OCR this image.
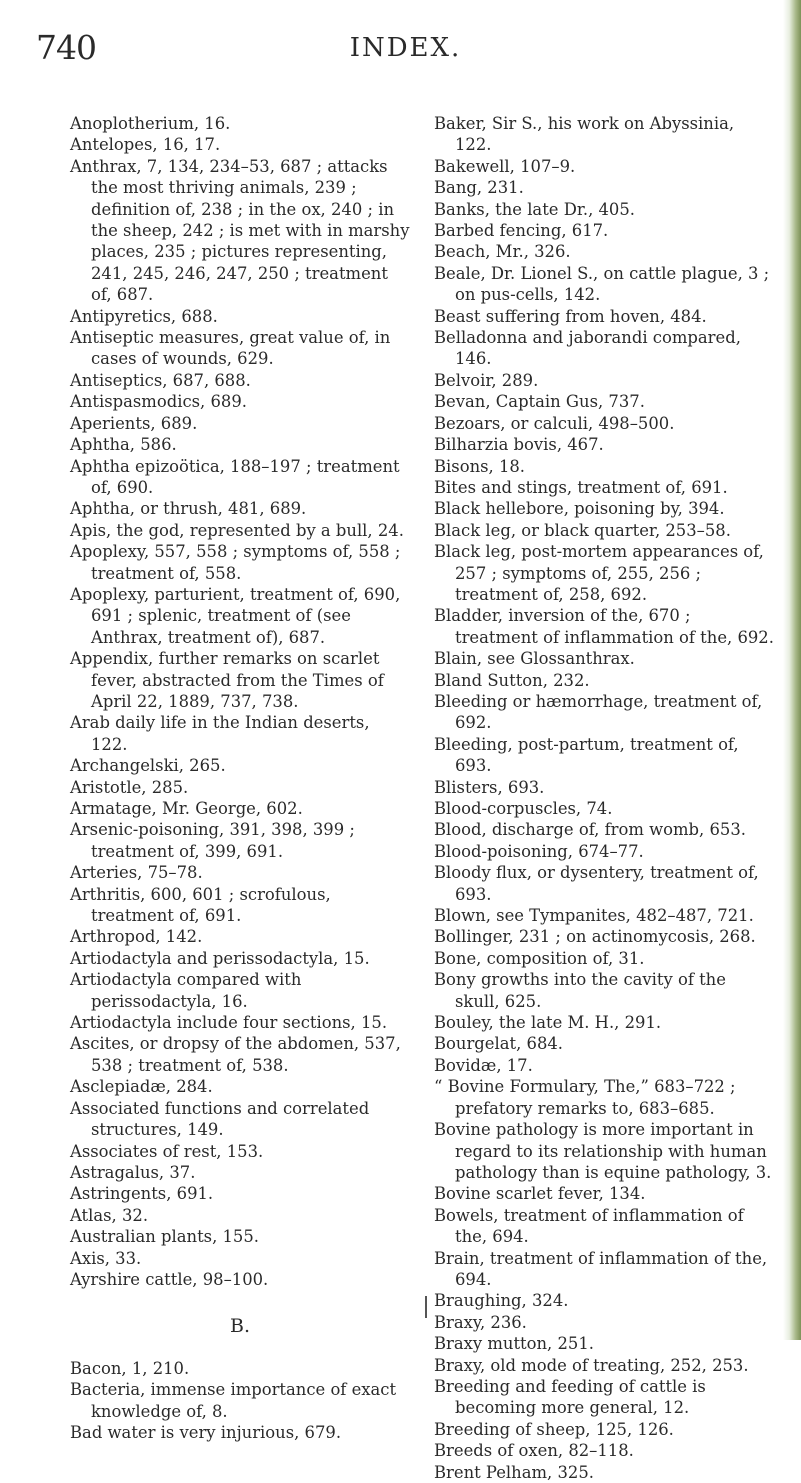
740	INDEX.
Anoplotherium, 16.
Antelopes, 16, 17.
Anthrax, 7, 134, 234–53, 687 ; attacks the most thriving animals, 239 ; definition of, 238 ; in the ox, 240 ; in the sheep, 242 ; is met with in marshy places, 235 ; pictures representing, 241, 245, 246, 247, 250 ; treatment of, 687.
Antipyretics, 688.
Antiseptic measures, great value of, in cases of wounds, 629.
Antiseptics, 687, 688.
Antispasmodics, 689.
Aperients, 689.
Aphtha, 586.
Aphtha epizoötica, 188–197 ; treatment of, 690.
Aphtha, or thrush, 481, 689.
Apis, the god, represented by a bull, 24.
Apoplexy, 557, 558 ; symptoms of, 558 ; treatment of, 558.
Apoplexy, parturient, treatment of, 690, 691 ; splenic, treatment of (see Anthrax, treatment of), 687.
Appendix, further remarks on scarlet fever, abstracted from the Times of April 22, 1889, 737, 738.
Arab daily life in the Indian deserts, 122.
Archangelski, 265.
Aristotle, 285.
Armatage, Mr. George, 602.
Arsenic-poisoning, 391, 398, 399 ; treatment of, 399, 691.
Arteries, 75–78.
Arthritis, 600, 601 ; scrofulous, treatment of, 691.
Arthropod, 142.
Artiodactyla and perissodactyla, 15.
Artiodactyla compared with perissodactyla, 16.
Artiodactyla include four sections, 15.
Ascites, or dropsy of the abdomen, 537, 538 ; treatment of, 538.
Asclepiadæ, 284.
Associated functions and correlated structures, 149.
Associates of rest, 153.
Astragalus, 37.
Astringents, 691.
Atlas, 32.
Australian plants, 155.
Axis, 33.
Ayrshire cattle, 98–100.
B.
Bacon, 1, 210.
Bacteria, immense importance of exact knowledge of, 8.
Bad water is very injurious, 679.
Baker, Sir S., his work on Abyssinia, 122.
Bakewell, 107–9.
Bang, 231.
Banks, the late Dr., 405.
Barbed fencing, 617.
Beach, Mr., 326.
Beale, Dr. Lionel S., on cattle plague, 3 ; on pus-cells, 142.
Beast suffering from hoven, 484.
Belladonna and jaborandi compared, 146.
Belvoir, 289.
Bevan, Captain Gus, 737.
Bezoars, or calculi, 498–500.
Bilharzia bovis, 467.
Bisons, 18.
Bites and stings, treatment of, 691.
Black hellebore, poisoning by, 394.
Black leg, or black quarter, 253–58.
Black leg, post-mortem appearances of, 257 ; symptoms of, 255, 256 ; treatment of, 258, 692.
Bladder, inversion of the, 670 ; treatment of inflammation of the, 692.
Blain, see Glossanthrax.
Bland Sutton, 232.
Bleeding or hæmorrhage, treatment of, 692.
Bleeding, post-partum, treatment of, 693.
Blisters, 693.
Blood-corpuscles, 74.
Blood, discharge of, from womb, 653.
Blood-poisoning, 674–77.
Bloody flux, or dysentery, treatment of, 693.
Blown, see Tympanites, 482–487, 721.
Bollinger, 231 ; on actinomycosis, 268.
Bone, composition of, 31.
Bony growths into the cavity of the skull, 625.
Bouley, the late M. H., 291.
Bourgelat, 684.
Bovidæ, 17.
“ Bovine Formulary, The,” 683–722 ; prefatory remarks to, 683–685.
Bovine pathology is more important in regard to its relationship with human pathology than is equine pathology, 3.
Bovine scarlet fever, 134.
Bowels, treatment of inflammation of the, 694.
Brain, treatment of inflammation of the, 694.
Braughing, 324.
Braxy, 236.
Braxy mutton, 251.
Braxy, old mode of treating, 252, 253.
Breeding and feeding of cattle is becoming more general, 12.
Breeding of sheep, 125, 126.
Breeds of oxen, 82–118.
Brent Pelham, 325.
